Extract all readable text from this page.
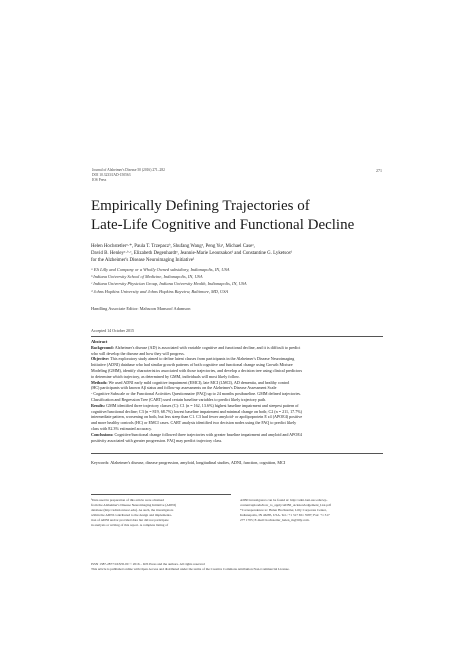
Journal of Alzheimer's Disease 50 (2016) 271–282
DOI 10.3233/JAD-150563
IOS Press
271
Empirically Defining Trajectories of
Late-Life Cognitive and Functional Decline
Helen Hochstetlerᵃ·*, Paula T. Trzepaczᵇ, Shufang Wangᵃ, Peng Yuᵃ, Michael Caseᵃ,
David B. Henleyᵃ·ᵇ·ᶜ, Elizabeth Degenhardtᵃ, Jeannie-Marie Leoutsakosᵈ and Constantine G. Lyketsosᵈ
for the Alzheimer's Disease Neuroimaging Initiative¹
ᵃ Eli Lilly and Company or a Wholly Owned subsidiary, Indianapolis, IN, USA
ᵇ Indiana University School of Medicine, Indianapolis, IN, USA
ᶜ Indiana University Physician Group, Indiana University Health, Indianapolis, IN, USA
ᵈ Johns Hopkins University and Johns Hopkins Bayview, Baltimore, MD, USA
Handling Associate Editor: Mahsoon Mansoof Adamson
Accepted 14 October 2015
Abstract
Background: Alzheimer's disease (AD) is associated with variable cognitive and functional decline, and it is difficult to predict
who will develop the disease and how they will progress.
Objective: This exploratory study aimed to define latent classes from participants in the Alzheimer's Disease Neuroimaging
Initiative (ADNI) database who had similar growth patterns of both cognitive and functional change using Growth Mixture
Modeling (GMM), identify characteristics associated with those trajectories, and develop a decision tree using clinical predictors
to determine which trajectory, as determined by GMM, individuals will most likely follow.
Methods: We used ADNI early mild cognitive impairment (EMCI), late MCI (LMCI), AD dementia, and healthy control
(HC) participants with known Aβ status and follow-up assessments on the Alzheimer's Disease Assessment Scale
- Cognitive Subscale or the Functional Activities Questionnaire (FAQ) up to 24 months postbaseline. GMM defined trajectories.
Classification and Regression Tree (CART) used certain baseline variables to predict likely trajectory path.
Results: GMM identified three trajectory classes (C): C1 (n = 162, 13.6%) highest baseline impairment and steepest pattern of
cognitive/functional decline; C3 (n = 819, 68.7%) lowest baseline impairment and minimal change on both; C2 (n = 211, 17.7%)
intermediate pattern, worsening on both, but less steep than C1. C3 had fewer amyloid- or apolipoprotein E ε4 (APOE4) positive
and more healthy controls (HC) or EMCI cases. CART analysis identified two decision nodes using the FAQ to predict likely
class with 82.3% estimated accuracy.
Conclusions: Cognitive/functional change followed three trajectories with greater baseline impairment and amyloid and APOE4
positivity associated with greater progression. FAQ may predict trajectory class.
Keywords: Alzheimer's disease, disease progression, amyloid, longitudinal studies, ADNI, function, cognition, MCI
¹Data used in preparation of this article were obtained
from the Alzheimer's Disease Neuroimaging Initiative (ADNI)
database (http://adni.loni.usc.edu). As such, the investigators
within the ADNI contributed to the design and implementa-
tion of ADNI and/or provided data but did not participate
in analysis or writing of this report. A complete listing of
ADNI investigators can be found at: http://adni.loni.usc.edu/wp-
content/uploads/how_to_apply/ADNI_Acknowledgement_List.pdf
*Correspondence to: Helen Hochstetler, Lilly Corporate Center,
Indianapolis, IN 46285, USA. Tel.: +1 317 651 3587; Fax: +1 317
277 1705; E-mail: hochstetler_helen_m@lilly.com.
ISSN 1387-2877/16/$35.00 © 2016 – IOS Press and the authors. All rights reserved
This article is published online with Open Access and distributed under the terms of the Creative Commons Attribution Non-Commercial License.
